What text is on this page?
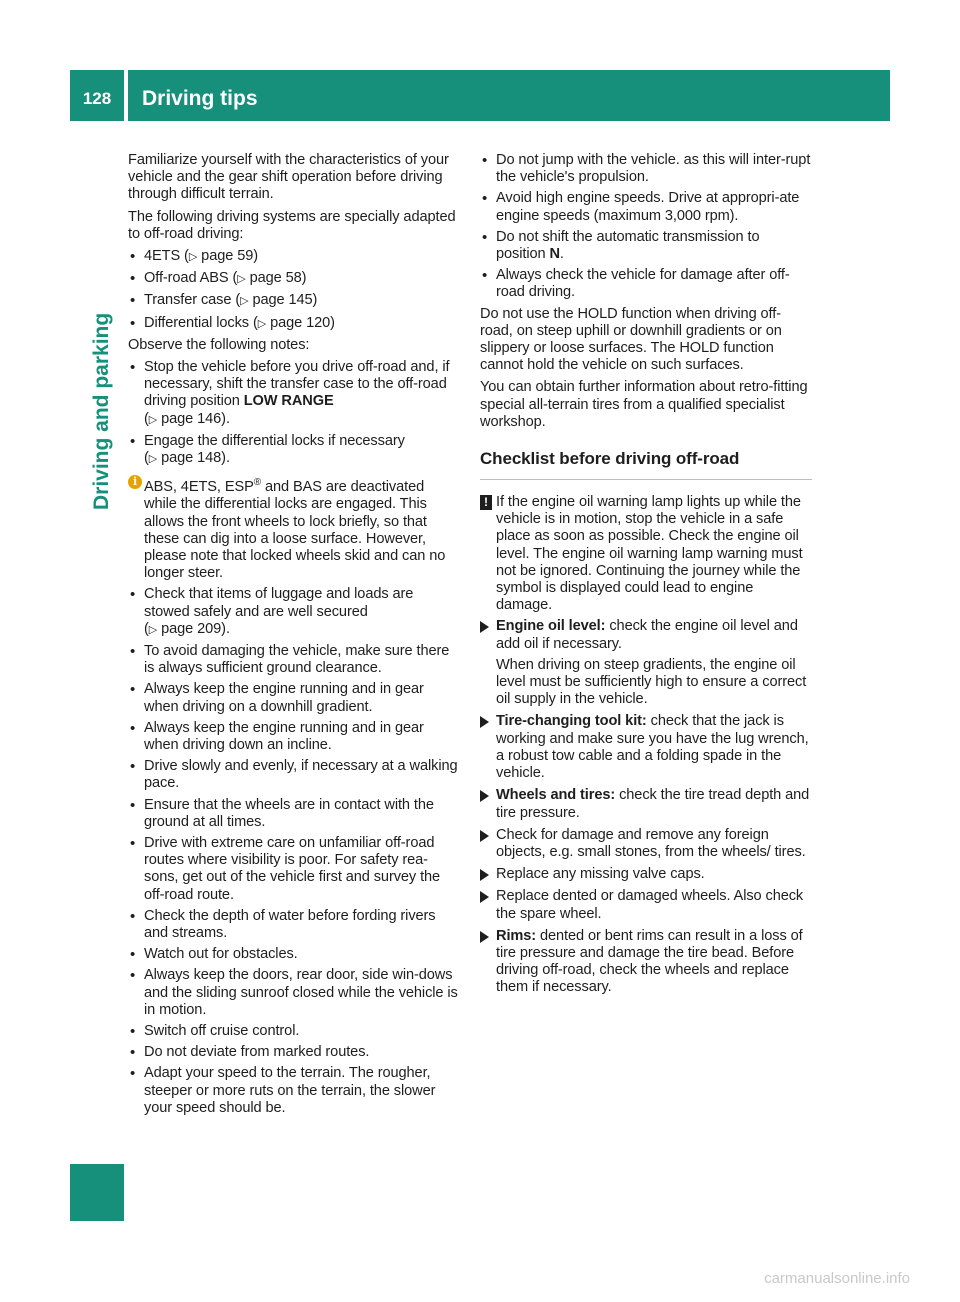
128	Driving tips
Driving and parking

Familiarize yourself with the characteristics of your vehicle and the gear shift operation before driving through difficult terrain.

The following driving systems are specially adapted to off-road driving:

• 4ETS (▷ page 59)
• Off-road ABS (▷ page 58)
• Transfer case (▷ page 145)
• Differential locks (▷ page 120)

Observe the following notes:

• Stop the vehicle before you drive off-road and, if necessary, shift the transfer case to the off-road driving position LOW RANGE
(▷ page 146).
• Engage the differential locks if necessary
(▷ page 148).
i ABS, 4ETS, ESP® and BAS are deactivated while the differential locks are engaged. This allows the front wheels to lock briefly, so that these can dig into a loose surface. However, please note that locked wheels skid and can no longer steer.
• Check that items of luggage and loads are stowed safely and are well secured
(▷ page 209).
• To avoid damaging the vehicle, make sure there is always sufficient ground clearance.
• Always keep the engine running and in gear when driving on a downhill gradient.
• Always keep the engine running and in gear when driving down an incline.
• Drive slowly and evenly, if necessary at a walking pace.
• Ensure that the wheels are in contact with the ground at all times.
• Drive with extreme care on unfamiliar off-road routes where visibility is poor. For safety rea-sons, get out of the vehicle first and survey the off-road route.
• Check the depth of water before fording rivers and streams.
• Watch out for obstacles.
• Always keep the doors, rear door, side win-dows and the sliding sunroof closed while the vehicle is in motion.
• Switch off cruise control.
• Do not deviate from marked routes.
• Adapt your speed to the terrain. The rougher, steeper or more ruts on the terrain, the slower your speed should be.
• Do not jump with the vehicle. as this will inter-rupt the vehicle's propulsion.
• Avoid high engine speeds. Drive at appropri-ate engine speeds (maximum 3,000 rpm).
• Do not shift the automatic transmission to position N.
• Always check the vehicle for damage after off-road driving.

Do not use the HOLD function when driving off-road, on steep uphill or downhill gradients or on slippery or loose surfaces. The HOLD function cannot hold the vehicle on such surfaces.

You can obtain further information about retro-fitting special all-terrain tires from a qualified specialist workshop.

Checklist before driving off-road
! If the engine oil warning lamp lights up while the vehicle is in motion, stop the vehicle in a safe place as soon as possible. Check the engine oil level. The engine oil warning lamp warning must not be ignored. Continuing the journey while the symbol is displayed could lead to engine damage.
Engine oil level: check the engine oil level and add oil if necessary.
When driving on steep gradients, the engine oil level must be sufficiently high to ensure a correct oil supply in the vehicle.
Tire-changing tool kit: check that the jack is working and make sure you have the lug wrench, a robust tow cable and a folding spade in the vehicle.
Wheels and tires: check the tire tread depth and tire pressure.
Check for damage and remove any foreign objects, e.g. small stones, from the wheels/ tires.
Replace any missing valve caps.
Replace dented or damaged wheels. Also check the spare wheel.
Rims: dented or bent rims can result in a loss of tire pressure and damage the tire bead. Before driving off-road, check the wheels and replace them if necessary.
carmanualsonline.info
